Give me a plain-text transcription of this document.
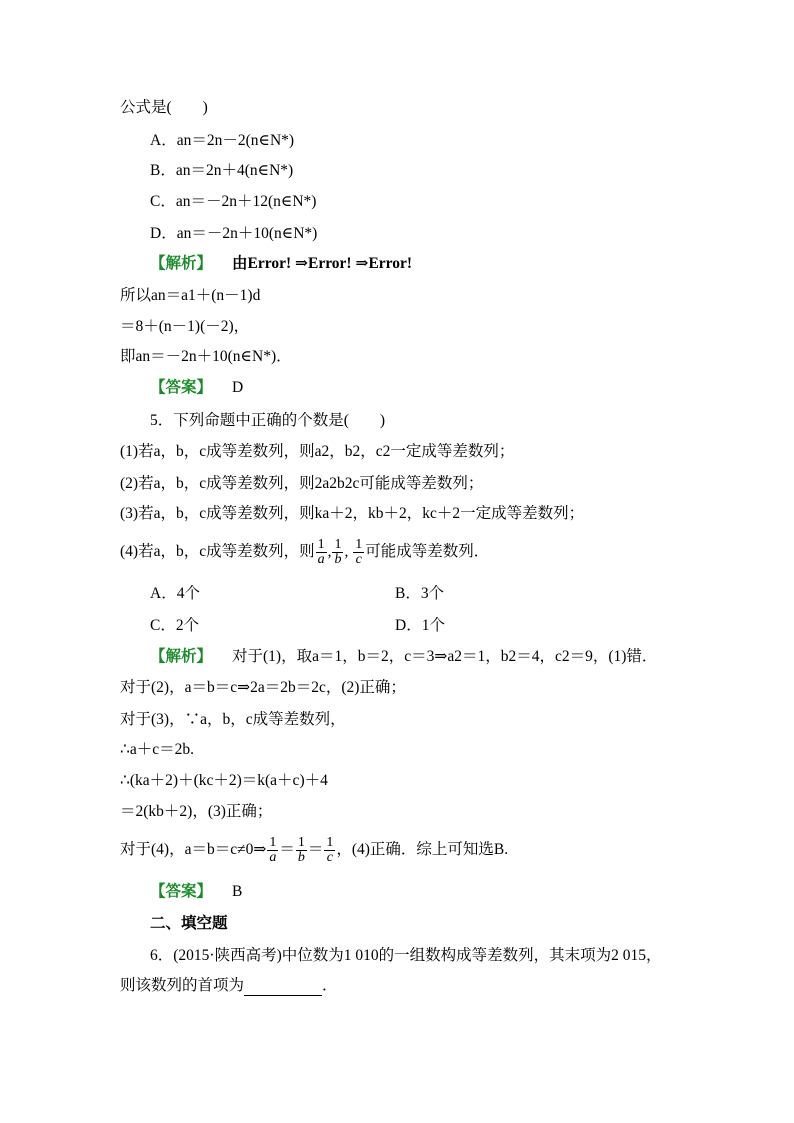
公式是(　　)
A．an＝2n－2(n∈N*)
B．an＝2n＋4(n∈N*)
C．an＝－2n＋12(n∈N*)
D．an＝－2n＋10(n∈N*)
【解析】 由Error! ⇒Error! ⇒Error!
所以an＝a1＋(n－1)d
＝8＋(n－1)(－2)，
即an＝－2n＋10(n∈N*)．
【答案】 D
5．下列命题中正确的个数是(　　)
(1)若a，b，c成等差数列，则a2，b2，c2一定成等差数列；
(2)若a，b，c成等差数列，则2a2b2c可能成等差数列；
(3)若a，b，c成等差数列，则ka＋2，kb＋2，kc＋2一定成等差数列；
(4)若a，b，c成等差数列，则 $\frac{1}{a}$ , $\frac{1}{b}$ , $\frac{1}{c}$ 可能成等差数列．
A．4个	B．3个
C．2个	D．1个
【解析】 对于(1)，取a＝1，b＝2，c＝3⇒a2＝1，b2＝4，c2＝9，(1)错．
对于(2)，a＝b＝c⇒2a＝2b＝2c，(2)正确；
对于(3)，∵a，b，c成等差数列，
∴a＋c＝2b.
∴(ka＋2)＋(kc＋2)＝k(a＋c)＋4
＝2(kb＋2)，(3)正确；
对于(4)，a＝b＝c≠0⇒ $\frac{1}{a} = \frac{1}{b} = \frac{1}{c}$ ，(4)正确．综上可知选B.
【答案】 B
二、填空题
6．(2015·陕西高考)中位数为1 010的一组数构成等差数列，其末项为2 015，
则该数列的首项为	．
